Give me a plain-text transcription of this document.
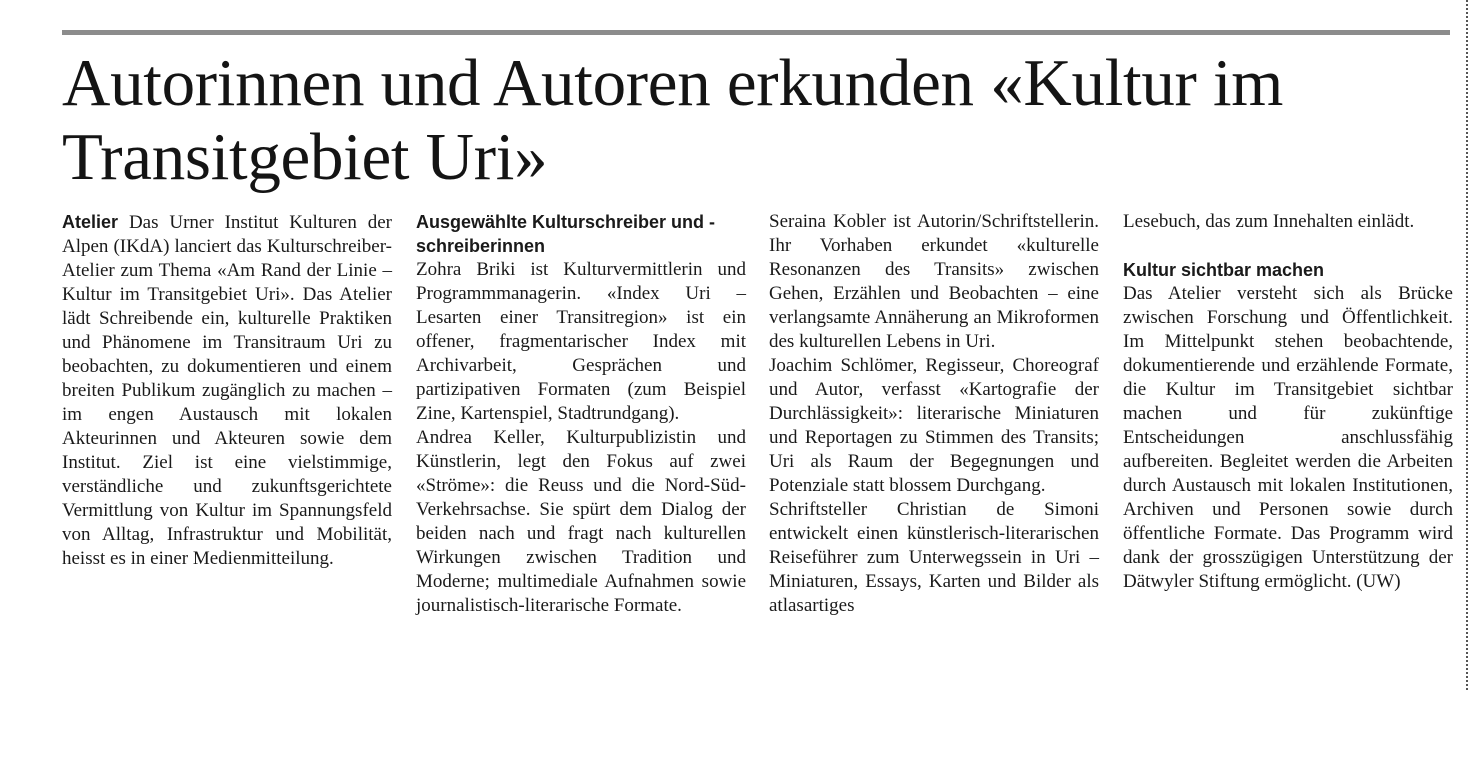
Autorinnen und Autoren erkunden «Kultur im Transitgebiet Uri»

Atelier Das Urner Institut Kulturen der Alpen (IKdA) lanciert das Kulturschreiber-Atelier zum Thema «Am Rand der Linie – Kultur im Transitgebiet Uri». Das Atelier lädt Schreibende ein, kulturelle Praktiken und Phänomene im Transitraum Uri zu beobachten, zu dokumentieren und einem breiten Publikum zugänglich zu machen – im engen Austausch mit lokalen Akteurinnen und Akteuren sowie dem Institut. Ziel ist eine vielstimmige, verständliche und zukunftsgerichtete Vermittlung von Kultur im Spannungsfeld von Alltag, Infrastruktur und Mobilität, heisst es in einer Medienmitteilung.

Ausgewählte Kulturschreiber und -schreiberinnen

Zohra Briki ist Kulturvermittlerin und Programmmanagerin. «Index Uri – Lesarten einer Transitregion» ist ein offener, fragmentarischer Index mit Archivarbeit, Gesprächen und partizipativen Formaten (zum Beispiel Zine, Kartenspiel, Stadtrundgang).

Andrea Keller, Kulturpublizistin und Künstlerin, legt den Fokus auf zwei «Ströme»: die Reuss und die Nord-Süd-Verkehrsachse. Sie spürt dem Dialog der beiden nach und fragt nach kulturellen Wirkungen zwischen Tradition und Moderne; multimediale Aufnahmen sowie journalistisch-literarische Formate.

Seraina Kobler ist Autorin/Schriftstellerin. Ihr Vorhaben erkundet «kulturelle Resonanzen des Transits» zwischen Gehen, Erzählen und Beobachten – eine verlangsamte Annäherung an Mikroformen des kulturellen Lebens in Uri.

Joachim Schlömer, Regisseur, Choreograf und Autor, verfasst «Kartografie der Durchlässigkeit»: literarische Miniaturen und Reportagen zu Stimmen des Transits; Uri als Raum der Begegnungen und Potenziale statt blossem Durchgang.

Schriftsteller Christian de Simoni entwickelt einen künstlerisch-literarischen Reiseführer zum Unterwegssein in Uri – Miniaturen, Essays, Karten und Bilder als atlasartiges

Lesebuch, das zum Innehalten einlädt.

Kultur sichtbar machen

Das Atelier versteht sich als Brücke zwischen Forschung und Öffentlichkeit. Im Mittelpunkt stehen beobachtende, dokumentierende und erzählende Formate, die Kultur im Transitgebiet sichtbar machen und für zukünftige Entscheidungen anschlussfähig aufbereiten. Begleitet werden die Arbeiten durch Austausch mit lokalen Institutionen, Archiven und Personen sowie durch öffentliche Formate. Das Programm wird dank der grosszügigen Unterstützung der Dätwyler Stiftung ermöglicht. (UW)
